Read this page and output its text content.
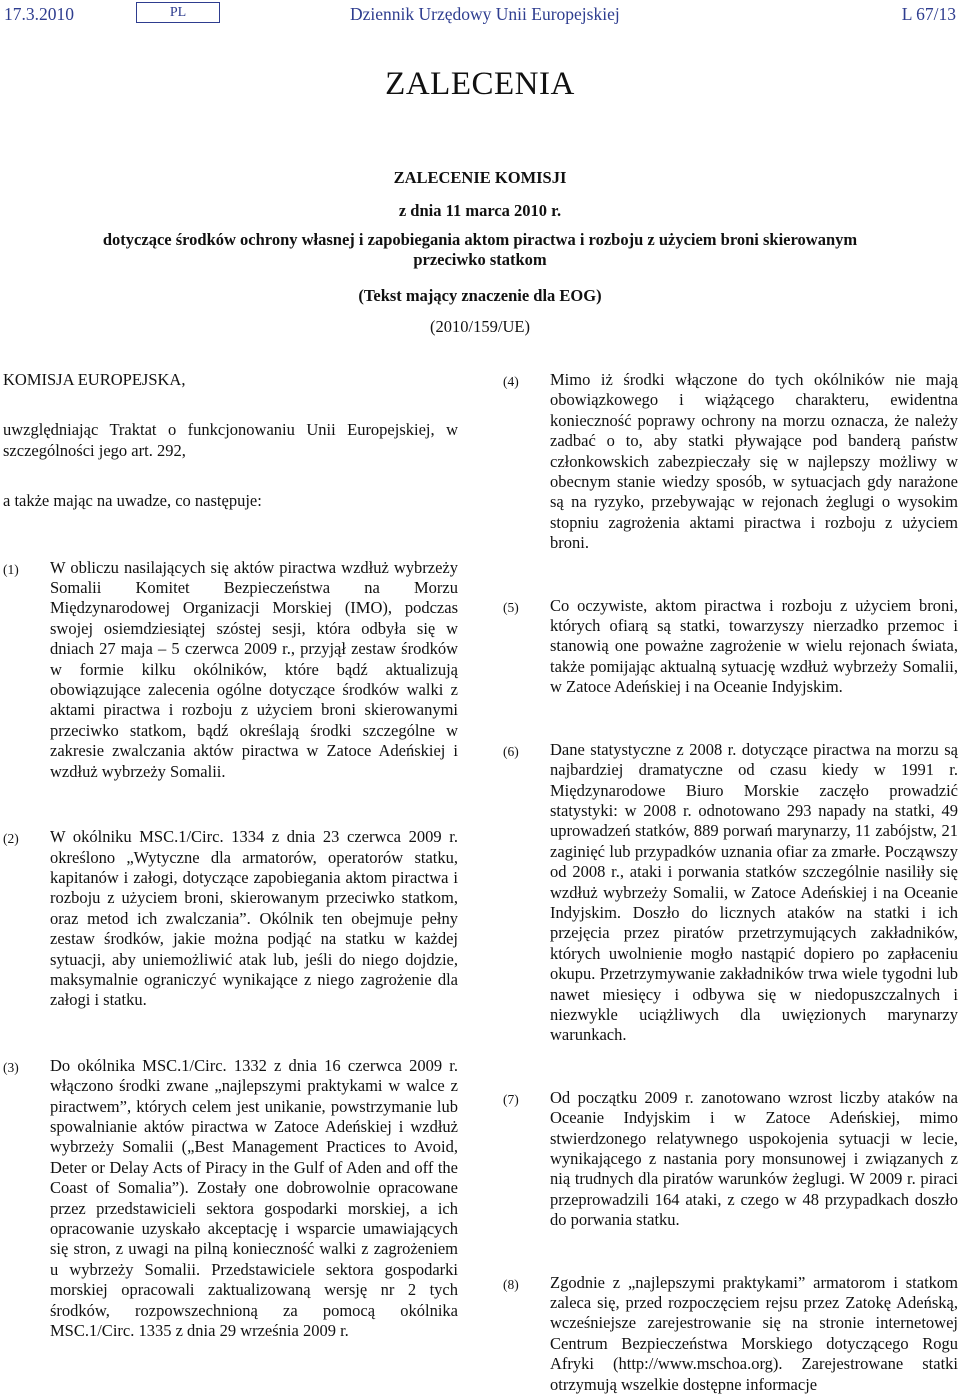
17.3.2010	PL	Dziennik Urzędowy Unii Europejskiej	L 67/13
ZALECENIA
ZALECENIE KOMISJI
z dnia 11 marca 2010 r.
dotyczące środków ochrony własnej i zapobiegania aktom piractwa i rozboju z użyciem broni skierowanym przeciwko statkom
(Tekst mający znaczenie dla EOG)
(2010/159/UE)

KOMISJA EUROPEJSKA,

uwzględniając Traktat o funkcjonowaniu Unii Europejskiej, w szczególności jego art. 292,

a także mając na uwadze, co następuje:

(1) W obliczu nasilających się aktów piractwa wzdłuż wybrzeży Somalii Komitet Bezpieczeństwa na Morzu Międzynarodowej Organizacji Morskiej (IMO), podczas swojej osiemdziesiątej szóstej sesji, która odbyła się w dniach 27 maja – 5 czerwca 2009 r., przyjął zestaw środków w formie kilku okólników, które bądź aktualizują obowiązujące zalecenia ogólne dotyczące środków walki z aktami piractwa i rozboju z użyciem broni skierowanymi przeciwko statkom, bądź określają środki szczególne w zakresie zwalczania aktów piractwa w Zatoce Adeńskiej i wzdłuż wybrzeży Somalii.
(2) W okólniku MSC.1/Circ. 1334 z dnia 23 czerwca 2009 r. określono „Wytyczne dla armatorów, operatorów statku, kapitanów i załogi, dotyczące zapobiegania aktom piractwa i rozboju z użyciem broni, skierowanym przeciwko statkom, oraz metod ich zwalczania”. Okólnik ten obejmuje pełny zestaw środków, jakie można podjąć na statku w każdej sytuacji, aby uniemożliwić atak lub, jeśli do niego dojdzie, maksymalnie ograniczyć wynikające z niego zagrożenie dla załogi i statku.
(3) Do okólnika MSC.1/Circ. 1332 z dnia 16 czerwca 2009 r. włączono środki zwane „najlepszymi praktykami w walce z piractwem”, których celem jest unikanie, powstrzymanie lub spowalnianie aktów piractwa w Zatoce Adeńskiej i wzdłuż wybrzeży Somalii („Best Management Practices to Avoid, Deter or Delay Acts of Piracy in the Gulf of Aden and off the Coast of Somalia”). Zostały one dobrowolnie opracowane przez przedstawicieli sektora gospodarki morskiej, a ich opracowanie uzyskało akceptację i wsparcie umawiających się stron, z uwagi na pilną konieczność walki z zagrożeniem u wybrzeży Somalii. Przedstawiciele sektora gospodarki morskiej opracowali zaktualizowaną wersję nr 2 tych środków, rozpowszechnioną za pomocą okólnika MSC.1/Circ. 1335 z dnia 29 września 2009 r.
(4) Mimo iż środki włączone do tych okólników nie mają obowiązkowego i wiążącego charakteru, ewidentna konieczność poprawy ochrony na morzu oznacza, że należy zadbać o to, aby statki pływające pod banderą państw członkowskich zabezpieczały się w najlepszy możliwy w obecnym stanie wiedzy sposób, w sytuacjach gdy narażone są na ryzyko, przebywając w rejonach żeglugi o wysokim stopniu zagrożenia aktami piractwa i rozboju z użyciem broni.
(5) Co oczywiste, aktom piractwa i rozboju z użyciem broni, których ofiarą są statki, towarzyszy nierzadko przemoc i stanowią one poważne zagrożenie w wielu rejonach świata, także pomijając aktualną sytuację wzdłuż wybrzeży Somalii, w Zatoce Adeńskiej i na Oceanie Indyjskim.
(6) Dane statystyczne z 2008 r. dotyczące piractwa na morzu są najbardziej dramatyczne od czasu kiedy w 1991 r. Międzynarodowe Biuro Morskie zaczęło prowadzić statystyki: w 2008 r. odnotowano 293 napady na statki, 49 uprowadzeń statków, 889 porwań marynarzy, 11 zabójstw, 21 zaginięć lub przypadków uznania ofiar za zmarłe. Począwszy od 2008 r., ataki i porwania statków szczególnie nasiliły się wzdłuż wybrzeży Somalii, w Zatoce Adeńskiej i na Oceanie Indyjskim. Doszło do licznych ataków na statki i ich przejęcia przez piratów przetrzymujących zakładników, których uwolnienie mogło nastąpić dopiero po zapłaceniu okupu. Przetrzymywanie zakładników trwa wiele tygodni lub nawet miesięcy i odbywa się w niedopuszczalnych i niezwykle uciążliwych dla uwięzionych marynarzy warunkach.
(7) Od początku 2009 r. zanotowano wzrost liczby ataków na Oceanie Indyjskim i w Zatoce Adeńskiej, mimo stwierdzonego relatywnego uspokojenia sytuacji w lecie, wynikającego z nastania pory monsunowej i związanych z nią trudnych dla piratów warunków żeglugi. W 2009 r. piraci przeprowadzili 164 ataki, z czego w 48 przypadkach doszło do porwania statku.
(8) Zgodnie z „najlepszymi praktykami” armatorom i statkom zaleca się, przed rozpoczęciem rejsu przez Zatokę Adeńską, wcześniejsze zarejestrowanie się na stronie internetowej Centrum Bezpieczeństwa Morskiego dotyczącego Rogu Afryki (http://www.mschoa.org). Zarejestrowane statki otrzymują wszelkie dostępne informacje
